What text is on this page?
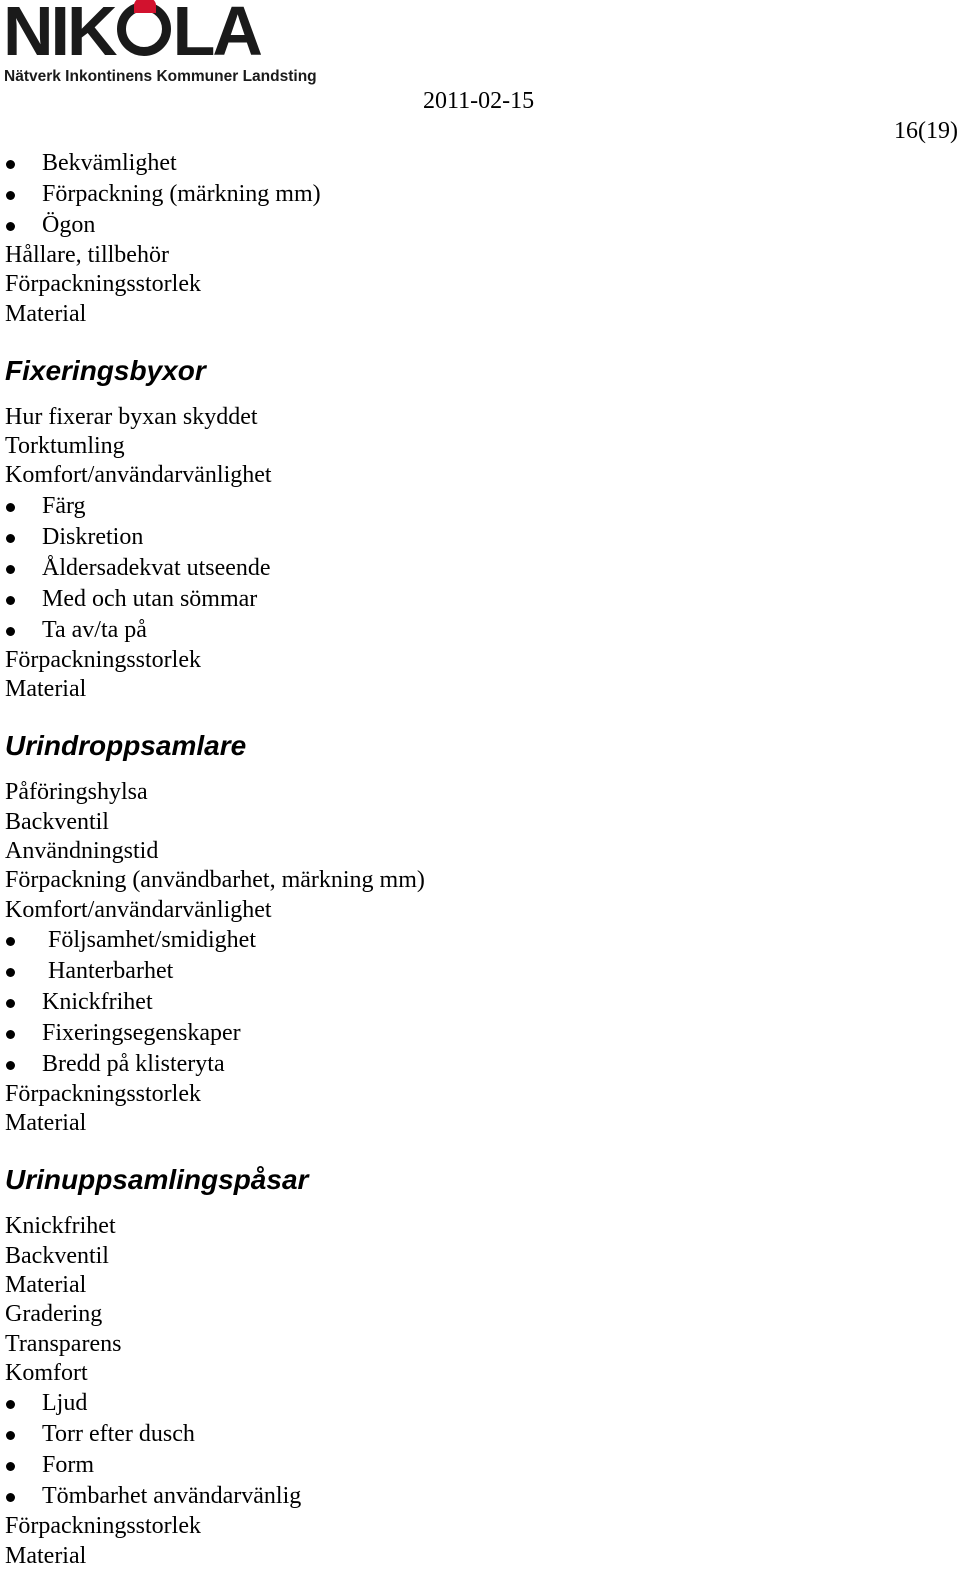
NIK LA
Nätverk Inkontinens Kommuner Landsting
2011-02-15
16(19)
Bekvämlighet
Förpackning (märkning mm)
Ögon
Hållare, tillbehör
Förpackningsstorlek
Material
Fixeringsbyxor
Hur fixerar byxan skyddet
Torktumling
Komfort/användarvänlighet
Färg
Diskretion
Åldersadekvat utseende
Med och utan sömmar
Ta av/ta på
Förpackningsstorlek
Material
Urindroppsamlare
Påföringshylsa
Backventil
Användningstid
Förpackning (användbarhet, märkning mm)
Komfort/användarvänlighet
Följsamhet/smidighet
Hanterbarhet
Knickfrihet
Fixeringsegenskaper
Bredd på klisteryta
Förpackningsstorlek
Material
Urinuppsamlingspåsar
Knickfrihet
Backventil
Material
Gradering
Transparens
Komfort
Ljud
Torr efter dusch
Form
Tömbarhet användarvänlig
Förpackningsstorlek
Material
